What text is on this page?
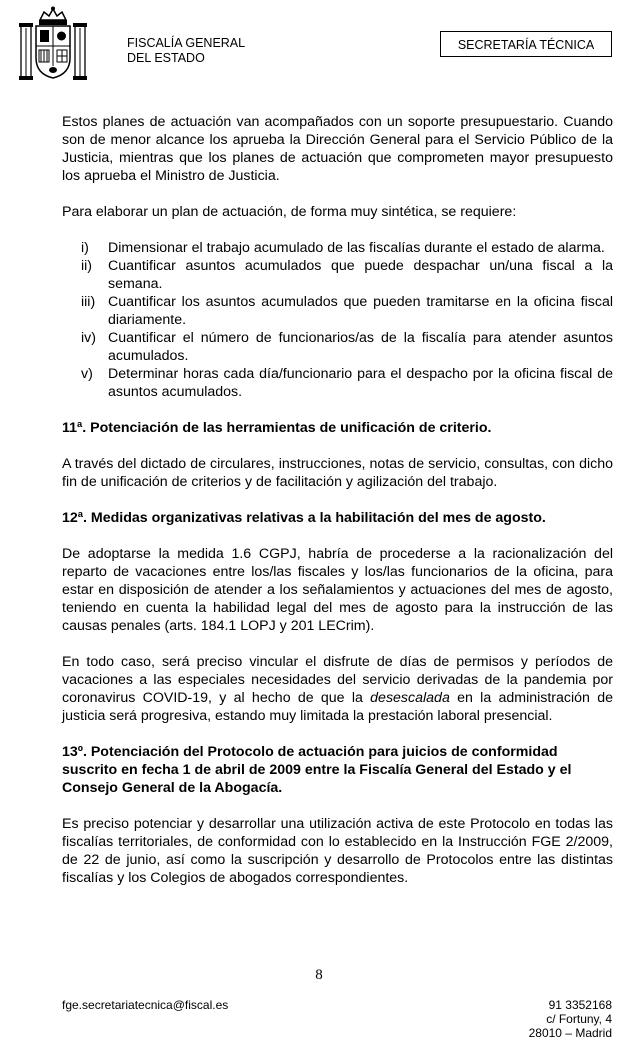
FISCALÍA GENERAL
DEL ESTADO
SECRETARÍA TÉCNICA

Estos planes de actuación van acompañados con un soporte presupuestario. Cuando son de menor alcance los aprueba la Dirección General para el Servicio Público de la Justicia, mientras que los planes de actuación que comprometen mayor presupuesto los aprueba el Ministro de Justicia.

Para elaborar un plan de actuación, de forma muy sintética, se requiere:

i) Dimensionar el trabajo acumulado de las fiscalías durante el estado de alarma.
ii) Cuantificar asuntos acumulados que puede despachar un/una fiscal a la semana.
iii) Cuantificar los asuntos acumulados que pueden tramitarse en la oficina fiscal diariamente.
iv) Cuantificar el número de funcionarios/as de la fiscalía para atender asuntos acumulados.
v) Determinar horas cada día/funcionario para el despacho por la oficina fiscal de asuntos acumulados.
11ª. Potenciación de las herramientas de unificación de criterio.

A través del dictado de circulares, instrucciones, notas de servicio, consultas, con dicho fin de unificación de criterios y de facilitación y agilización del trabajo.

12ª. Medidas organizativas relativas a la habilitación del mes de agosto.

De adoptarse la medida 1.6 CGPJ, habría de procederse a la racionalización del reparto de vacaciones entre los/las fiscales y los/las funcionarios de la oficina, para estar en disposición de atender a los señalamientos y actuaciones del mes de agosto, teniendo en cuenta la habilidad legal del mes de agosto para la instrucción de las causas penales (arts. 184.1 LOPJ y 201 LECrim).

En todo caso, será preciso vincular el disfrute de días de permisos y períodos de vacaciones a las especiales necesidades del servicio derivadas de la pandemia por coronavirus COVID-19, y al hecho de que la desescalada en la administración de justicia será progresiva, estando muy limitada la prestación laboral presencial.

13º. Potenciación del Protocolo de actuación para juicios de conformidad suscrito en fecha 1 de abril de 2009 entre la Fiscalía General del Estado y el Consejo General de la Abogacía.

Es preciso potenciar y desarrollar una utilización activa de este Protocolo en todas las fiscalías territoriales, de conformidad con lo establecido en la Instrucción FGE 2/2009, de 22 de junio, así como la suscripción y desarrollo de Protocolos entre las distintas fiscalías y los Colegios de abogados correspondientes.

8
fge.secretariatecnica@fiscal.es	91 3352168
c/ Fortuny, 4
28010 – Madrid
